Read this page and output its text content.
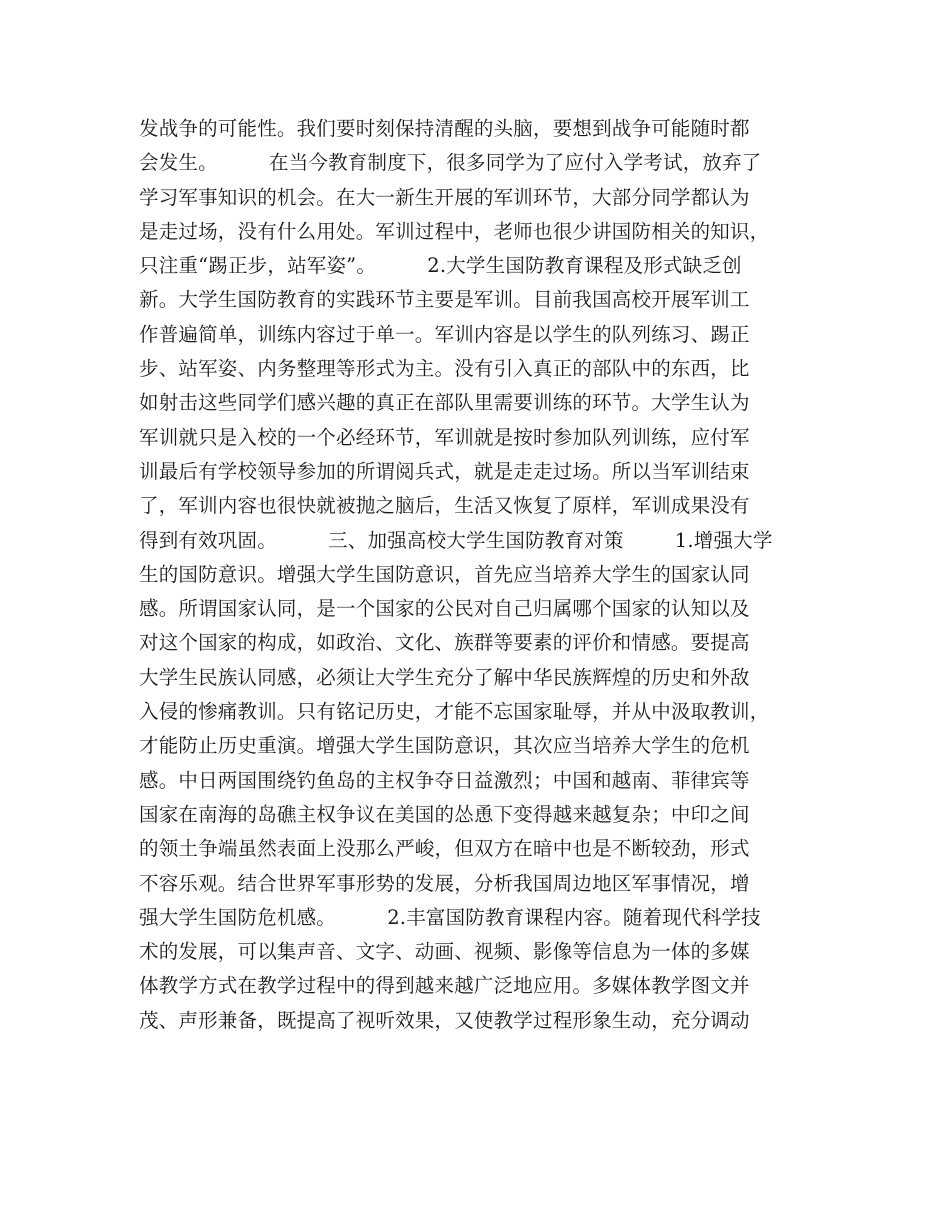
发战争的可能性。我们要时刻保持清醒的头脑，要想到战争可能随时都
会发生。        在当今教育制度下，很多同学为了应付入学考试，放弃了
学习军事知识的机会。在大一新生开展的军训环节，大部分同学都认为
是走过场，没有什么用处。军训过程中，老师也很少讲国防相关的知识，
只注重“踢正步，站军姿”。        2.大学生国防教育课程及形式缺乏创
新。大学生国防教育的实践环节主要是军训。目前我国高校开展军训工
作普遍简单，训练内容过于单一。军训内容是以学生的队列练习、踢正
步、站军姿、内务整理等形式为主。没有引入真正的部队中的东西，比
如射击这些同学们感兴趣的真正在部队里需要训练的环节。大学生认为
军训就只是入校的一个必经环节，军训就是按时参加队列训练，应付军
训最后有学校领导参加的所谓阅兵式，就是走走过场。所以当军训结束
了，军训内容也很快就被抛之脑后，生活又恢复了原样，军训成果没有
得到有效巩固。        三、加强高校大学生国防教育对策        1.增强大学
生的国防意识。增强大学生国防意识，首先应当培养大学生的国家认同
感。所谓国家认同，是一个国家的公民对自己归属哪个国家的认知以及
对这个国家的构成，如政治、文化、族群等要素的评价和情感。要提高
大学生民族认同感，必须让大学生充分了解中华民族辉煌的历史和外敌
入侵的惨痛教训。只有铭记历史，才能不忘国家耻辱，并从中汲取教训，
才能防止历史重演。增强大学生国防意识，其次应当培养大学生的危机
感。中日两国围绕钓鱼岛的主权争夺日益激烈；中国和越南、菲律宾等
国家在南海的岛礁主权争议在美国的怂恿下变得越来越复杂；中印之间
的领土争端虽然表面上没那么严峻，但双方在暗中也是不断较劲，形式
不容乐观。结合世界军事形势的发展，分析我国周边地区军事情况，增
强大学生国防危机感。        2.丰富国防教育课程内容。随着现代科学技
术的发展，可以集声音、文字、动画、视频、影像等信息为一体的多媒
体教学方式在教学过程中的得到越来越广泛地应用。多媒体教学图文并
茂、声形兼备，既提高了视听效果，又使教学过程形象生动，充分调动
